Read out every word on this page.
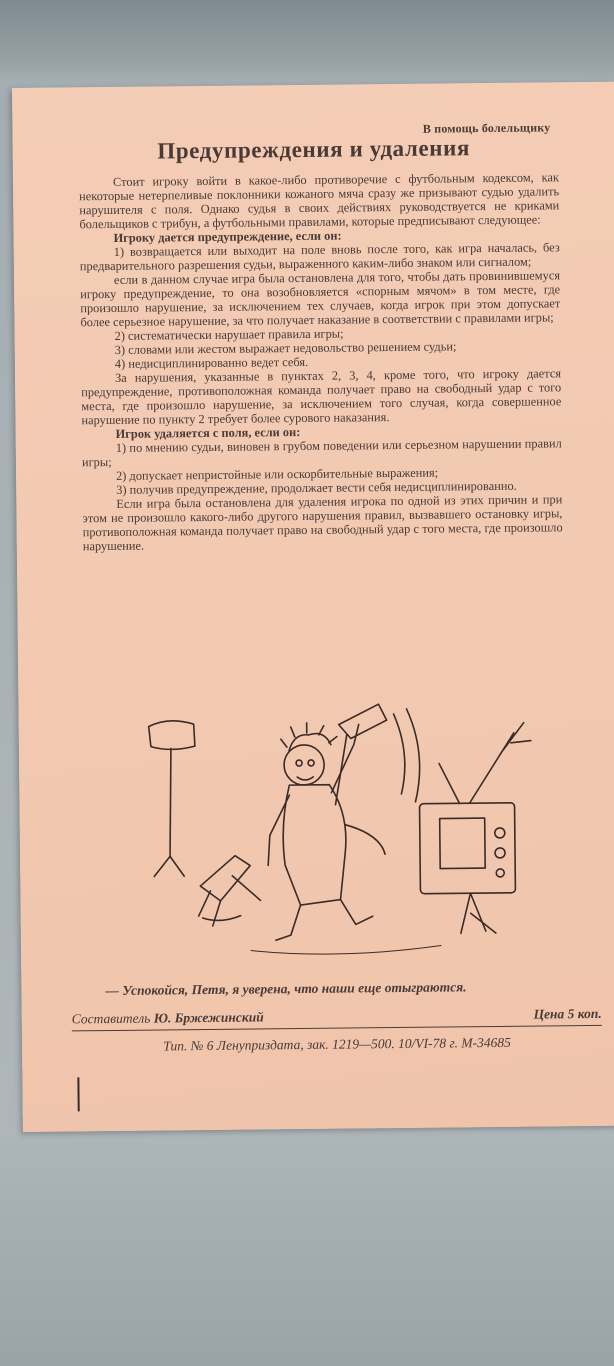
В помощь болельщику
Предупреждения и удаления

Стоит игроку войти в какое-либо противоречие с футбольным кодексом, как некоторые нетерпеливые поклонники кожаного мяча сразу же призывают судью удалить нарушителя с поля. Однако судья в своих действиях руководствуется не криками болельщиков с трибун, а футбольными правилами, которые предписывают следующее:

Игроку дается предупреждение, если он:

1) возвращается или выходит на поле вновь после того, как игра началась, без предварительного разрешения судьи, выраженного каким-либо знаком или сигналом;

если в данном случае игра была остановлена для того, чтобы дать провинившемуся игроку предупреждение, то она возобновляется «спорным мячом» в том месте, где произошло нарушение, за исключением тех случаев, когда игрок при этом допускает более серьезное нарушение, за что получает наказание в соответствии с правилами игры;

2) систематически нарушает правила игры;

3) словами или жестом выражает недовольство решением судьи;

4) недисциплинированно ведет себя.

За нарушения, указанные в пунктах 2, 3, 4, кроме того, что игроку дается предупреждение, противоположная команда получает право на свободный удар с того места, где произошло нарушение, за исключением того случая, когда совершенное нарушение по пункту 2 требует более сурового наказания.

Игрок удаляется с поля, если он:

1) по мнению судьи, виновен в грубом поведении или серьезном нарушении правил игры;

2) допускает непристойные или оскорбительные выражения;

3) получив предупреждение, продолжает вести себя недисциплинированно.

Если игра была остановлена для удаления игрока по одной из этих причин и при этом не произошло какого-либо другого нарушения правил, вызвавшего остановку игры, противоположная команда получает право на свободный удар с того места, где произошло нарушение.

— Успокойся, Петя, я уверена, что наши еще отыграются.
Составитель Ю. Бржежинский	Цена 5 коп.
Тип. № 6 Ленуприздата, зак. 1219—500. 10/VI-78 г. М-34685
